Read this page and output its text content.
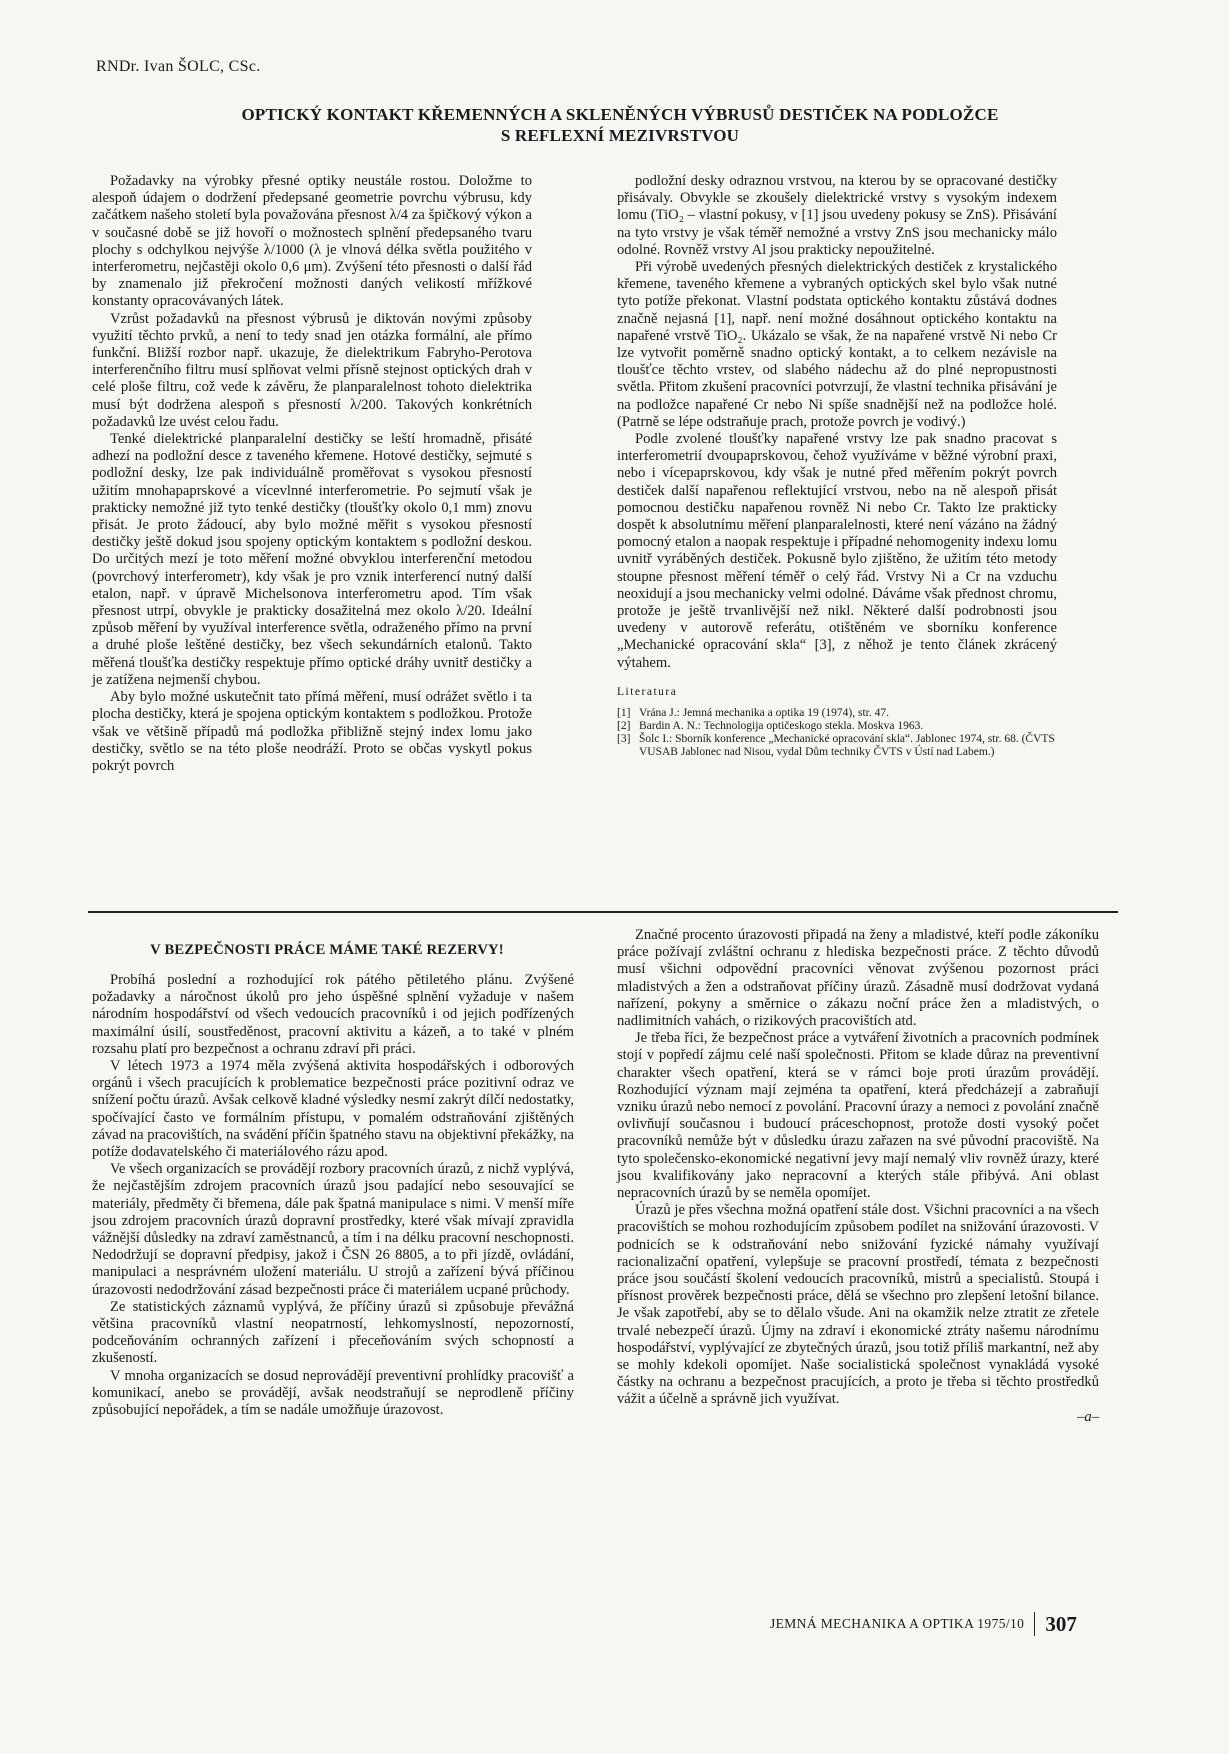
RNDr. Ivan ŠOLC, CSc.
OPTICKÝ KONTAKT KŘEMENNÝCH A SKLENĚNÝCH VÝBRUSŮ DESTIČEK NA PODLOŽCE
S REFLEXNÍ MEZIVRSTVOU

Požadavky na výrobky přesné optiky neustále rostou. Doložme to alespoň údajem o dodržení předepsané geometrie povrchu výbrusu, kdy začátkem našeho století byla považována přesnost λ/4 za špičkový výkon a v současné době se již hovoří o možnostech splnění předepsaného tvaru plochy s odchylkou nejvýše λ/1000 (λ je vlnová délka světla použitého v interferometru, nejčastěji okolo 0,6 μm). Zvýšení této přesnosti o další řád by znamenalo již překročení možnosti daných velikostí mřížkové konstanty opracovávaných látek.

Vzrůst požadavků na přesnost výbrusů je diktován novými způsoby využití těchto prvků, a není to tedy snad jen otázka formální, ale přímo funkční. Bližší rozbor např. ukazuje, že dielektrikum Fabryho-Perotova interferenčního filtru musí splňovat velmi přísně stejnost optických drah v celé ploše filtru, což vede k závěru, že planparalelnost tohoto dielektrika musí být dodržena alespoň s přesností λ/200. Takových konkrétních požadavků lze uvést celou řadu.

Tenké dielektrické planparalelní destičky se leští hromadně, přisáté adhezí na podložní desce z taveného křemene. Hotové destičky, sejmuté s podložní desky, lze pak individuálně proměřovat s vysokou přesností užitím mnohapaprskové a vícevlnné interferometrie. Po sejmutí však je prakticky nemožné již tyto tenké destičky (tloušťky okolo 0,1 mm) znovu přisát. Je proto žádoucí, aby bylo možné měřit s vysokou přesností destičky ještě dokud jsou spojeny optickým kontaktem s podložní deskou. Do určitých mezí je toto měření možné obvyklou interferenční metodou (povrchový interferometr), kdy však je pro vznik interferencí nutný další etalon, např. v úpravě Michelsonova interferometru apod. Tím však přesnost utrpí, obvykle je prakticky dosažitelná mez okolo λ/20. Ideální způsob měření by využíval interference světla, odraženého přímo na první a druhé ploše leštěné destičky, bez všech sekundárních etalonů. Takto měřená tloušťka destičky respektuje přímo optické dráhy uvnitř destičky a je zatížena nejmenší chybou.

Aby bylo možné uskutečnit tato přímá měření, musí odrážet světlo i ta plocha destičky, která je spojena optickým kontaktem s podložkou. Protože však ve většině případů má podložka přibližně stejný index lomu jako destičky, světlo se na této ploše neodráží. Proto se občas vyskytl pokus pokrýt povrch

podložní desky odraznou vrstvou, na kterou by se opracované destičky přisávaly. Obvykle se zkoušely dielektrické vrstvy s vysokým indexem lomu (TiO₂ – vlastní pokusy, v [1] jsou uvedeny pokusy se ZnS). Přisávání na tyto vrstvy je však téměř nemožné a vrstvy ZnS jsou mechanicky málo odolné. Rovněž vrstvy Al jsou prakticky nepoužitelné.

Při výrobě uvedených přesných dielektrických destiček z krystalického křemene, taveného křemene a vybraných optických skel bylo však nutné tyto potíže překonat. Vlastní podstata optického kontaktu zůstává dodnes značně nejasná [1], např. není možné dosáhnout optického kontaktu na napařené vrstvě TiO₂. Ukázalo se však, že na napařené vrstvě Ni nebo Cr lze vytvořit poměrně snadno optický kontakt, a to celkem nezávisle na tloušťce těchto vrstev, od slabého nádechu až do plné nepropustnosti světla. Přitom zkušení pracovníci potvrzují, že vlastní technika přisávání je na podložce napařené Cr nebo Ni spíše snadnější než na podložce holé. (Patrně se lépe odstraňuje prach, protože povrch je vodivý.)

Podle zvolené tloušťky napařené vrstvy lze pak snadno pracovat s interferometrií dvoupaprskovou, čehož využíváme v běžné výrobní praxi, nebo i vícepaprskovou, kdy však je nutné před měřením pokrýt povrch destiček další napařenou reflektující vrstvou, nebo na ně alespoň přisát pomocnou destičku napařenou rovněž Ni nebo Cr. Takto lze prakticky dospět k absolutnímu měření planparalelnosti, které není vázáno na žádný pomocný etalon a naopak respektuje i případné nehomogenity indexu lomu uvnitř vyráběných destiček. Pokusně bylo zjištěno, že užitím této metody stoupne přesnost měření téměř o celý řád. Vrstvy Ni a Cr na vzduchu neoxidují a jsou mechanicky velmi odolné. Dáváme však přednost chromu, protože je ještě trvanlivější než nikl. Některé další podrobnosti jsou uvedeny v autorově referátu, otištěném ve sborníku konference „Mechanické opracování skla“ [3], z něhož je tento článek zkrácený výtahem.

Literatura
[1] Vrána J.: Jemná mechanika a optika 19 (1974), str. 47.
[2] Bardin A. N.: Technologija optičeskogo stekla. Moskva 1963.
[3] Šolc I.: Sborník konference „Mechanické opracování skla“. Jablonec 1974, str. 68. (ČVTS VUSAB Jablonec nad Nisou, vydal Dům techniky ČVTS v Ústí nad Labem.)
V BEZPEČNOSTI PRÁCE MÁME TAKÉ REZERVY!

Probíhá poslední a rozhodující rok pátého pětiletého plánu. Zvýšené požadavky a náročnost úkolů pro jeho úspěšné splnění vyžaduje v našem národním hospodářství od všech vedoucích pracovníků i od jejich podřízených maximální úsilí, soustředěnost, pracovní aktivitu a kázeň, a to také v plném rozsahu platí pro bezpečnost a ochranu zdraví při práci.

V létech 1973 a 1974 měla zvýšená aktivita hospodářských i odborových orgánů i všech pracujících k problematice bezpečnosti práce pozitivní odraz ve snížení počtu úrazů. Avšak celkově kladné výsledky nesmí zakrýt dílčí nedostatky, spočívající často ve formálním přístupu, v pomalém odstraňování zjištěných závad na pracovištích, na svádění příčin špatného stavu na objektivní překážky, na potíže dodavatelského či materiálového rázu apod.

Ve všech organizacích se provádějí rozbory pracovních úrazů, z nichž vyplývá, že nejčastějším zdrojem pracovních úrazů jsou padající nebo sesouvající se materiály, předměty či břemena, dále pak špatná manipulace s nimi. V menší míře jsou zdrojem pracovních úrazů dopravní prostředky, které však mívají zpravidla vážnější důsledky na zdraví zaměstnanců, a tím i na délku pracovní neschopnosti. Nedodržují se dopravní předpisy, jakož i ČSN 26 8805, a to při jízdě, ovládání, manipulaci a nesprávném uložení materiálu. U strojů a zařízení bývá příčinou úrazovosti nedodržování zásad bezpečnosti práce či materiálem ucpané průchody.

Ze statistických záznamů vyplývá, že příčiny úrazů si způsobuje převážná většina pracovníků vlastní neopatrností, lehkomyslností, nepozorností, podceňováním ochranných zařízení i přeceňováním svých schopností a zkušeností.

V mnoha organizacích se dosud neprovádějí preventivní prohlídky pracovišť a komunikací, anebo se provádějí, avšak neodstraňují se neprodleně příčiny způsobující nepořádek, a tím se nadále umožňuje úrazovost.

Značné procento úrazovosti připadá na ženy a mladistvé, kteří podle zákoníku práce požívají zvláštní ochranu z hlediska bezpečnosti práce. Z těchto důvodů musí všichni odpovědní pracovníci věnovat zvýšenou pozornost práci mladistvých a žen a odstraňovat příčiny úrazů. Zásadně musí dodržovat vydaná nařízení, pokyny a směrnice o zákazu noční práce žen a mladistvých, o nadlimitních vahách, o rizikových pracovištích atd.

Je třeba říci, že bezpečnost práce a vytváření životních a pracovních podmínek stojí v popředí zájmu celé naší společnosti. Přitom se klade důraz na preventivní charakter všech opatření, která se v rámci boje proti úrazům provádějí. Rozhodující význam mají zejména ta opatření, která předcházejí a zabraňují vzniku úrazů nebo nemocí z povolání. Pracovní úrazy a nemoci z povolání značně ovlivňují současnou i budoucí práceschopnost, protože dosti vysoký počet pracovníků nemůže být v důsledku úrazu zařazen na své původní pracoviště. Na tyto společensko-ekonomické negativní jevy mají nemalý vliv rovněž úrazy, které jsou kvalifikovány jako nepracovní a kterých stále přibývá. Ani oblast nepracovních úrazů by se neměla opomíjet.

Úrazů je přes všechna možná opatření stále dost. Všichni pracovníci a na všech pracovištích se mohou rozhodujícím způsobem podílet na snižování úrazovosti. V podnicích se k odstraňování nebo snižování fyzické námahy využívají racionalizační opatření, vylepšuje se pracovní prostředí, témata z bezpečnosti práce jsou součástí školení vedoucích pracovníků, mistrů a specialistů. Stoupá i přísnost prověrek bezpečnosti práce, dělá se všechno pro zlepšení letošní bilance. Je však zapotřebí, aby se to dělalo všude. Ani na okamžik nelze ztratit ze zřetele trvalé nebezpečí úrazů. Újmy na zdraví i ekonomické ztráty našemu národnímu hospodářství, vyplývající ze zbytečných úrazů, jsou totiž příliš markantní, než aby se mohly kdekoli opomíjet. Naše socialistická společnost vynakládá vysoké částky na ochranu a bezpečnost pracujících, a proto je třeba si těchto prostředků vážit a účelně a správně jich využívat.

–a–

JEMNÁ MECHANIKA A OPTIKA 1975/10 307
